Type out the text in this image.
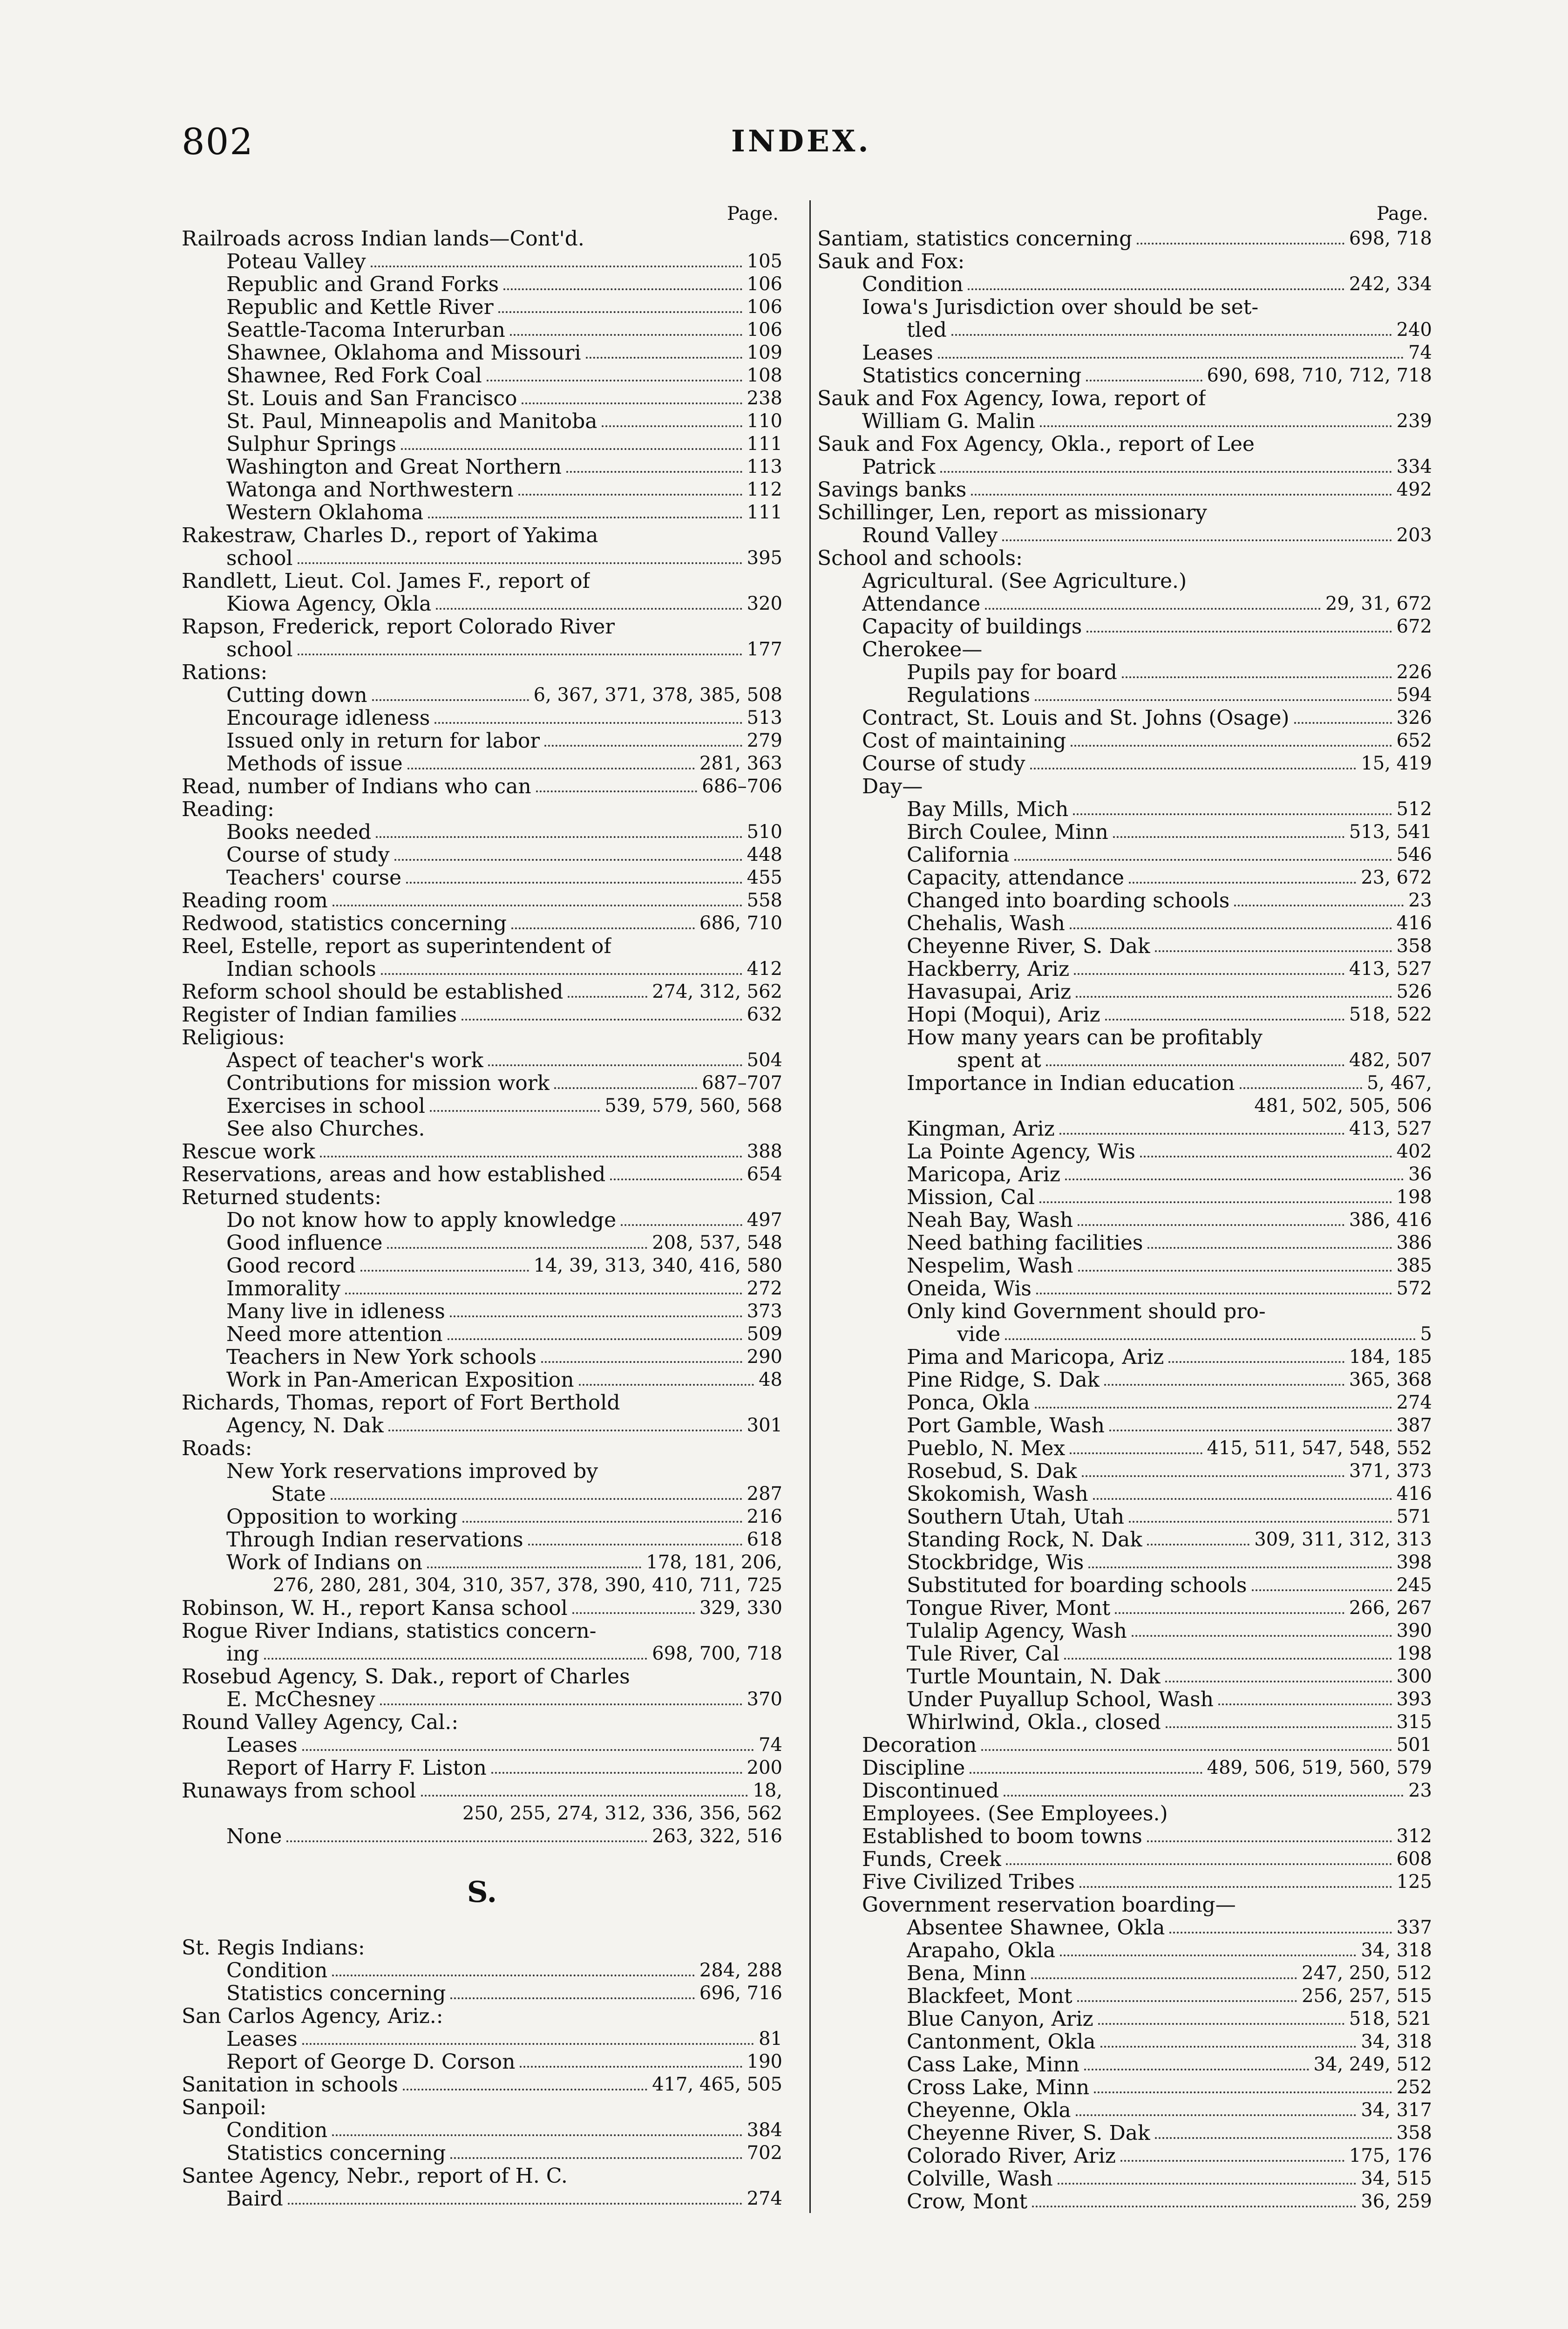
802	INDEX.
Page.
Railroads across Indian lands—Cont'd.
Poteau Valley	105
Republic and Grand Forks	106
Republic and Kettle River	106
Seattle-Tacoma Interurban	106
Shawnee, Oklahoma and Missouri	109
Shawnee, Red Fork Coal	108
St. Louis and San Francisco	238
St. Paul, Minneapolis and Manitoba	110
Sulphur Springs	111
Washington and Great Northern	113
Watonga and Northwestern	112
Western Oklahoma	111
Rakestraw, Charles D., report of Yakima
school	395
Randlett, Lieut. Col. James F., report of
Kiowa Agency, Okla	320
Rapson, Frederick, report Colorado River
school	177
Rations:
Cutting down	6, 367, 371, 378, 385, 508
Encourage idleness	513
Issued only in return for labor	279
Methods of issue	281, 363
Read, number of Indians who can	686–706
Reading:
Books needed	510
Course of study	448
Teachers' course	455
Reading room	558
Redwood, statistics concerning	686, 710
Reel, Estelle, report as superintendent of
Indian schools	412
Reform school should be established	274, 312, 562
Register of Indian families	632
Religious:
Aspect of teacher's work	504
Contributions for mission work	687–707
Exercises in school	539, 579, 560, 568
See also Churches.
Rescue work	388
Reservations, areas and how established	654
Returned students:
Do not know how to apply knowledge	497
Good influence	208, 537, 548
Good record	14, 39, 313, 340, 416, 580
Immorality	272
Many live in idleness	373
Need more attention	509
Teachers in New York schools	290
Work in Pan-American Exposition	48
Richards, Thomas, report of Fort Berthold
Agency, N. Dak	301
Roads:
New York reservations improved by
State	287
Opposition to working	216
Through Indian reservations	618
Work of Indians on	178, 181, 206,
276, 280, 281, 304, 310, 357, 378, 390, 410, 711, 725
Robinson, W. H., report Kansa school	329, 330
Rogue River Indians, statistics concern-
ing	698, 700, 718
Rosebud Agency, S. Dak., report of Charles
E. McChesney	370
Round Valley Agency, Cal.:
Leases	74
Report of Harry F. Liston	200
Runaways from school	18,
250, 255, 274, 312, 336, 356, 562
None	263, 322, 516
S.
St. Regis Indians:
Condition	284, 288
Statistics concerning	696, 716
San Carlos Agency, Ariz.:
Leases	81
Report of George D. Corson	190
Sanitation in schools	417, 465, 505
Sanpoil:
Condition	384
Statistics concerning	702
Santee Agency, Nebr., report of H. C.
Baird	274
Page.
Santiam, statistics concerning	698, 718
Sauk and Fox:
Condition	242, 334
Iowa's Jurisdiction over should be set-
tled	240
Leases	74
Statistics concerning	690, 698, 710, 712, 718
Sauk and Fox Agency, Iowa, report of
William G. Malin	239
Sauk and Fox Agency, Okla., report of Lee
Patrick	334
Savings banks	492
Schillinger, Len, report as missionary
Round Valley	203
School and schools:
Agricultural. (See Agriculture.)
Attendance	29, 31, 672
Capacity of buildings	672
Cherokee—
Pupils pay for board	226
Regulations	594
Contract, St. Louis and St. Johns (Osage)	326
Cost of maintaining	652
Course of study	15, 419
Day—
Bay Mills, Mich	512
Birch Coulee, Minn	513, 541
California	546
Capacity, attendance	23, 672
Changed into boarding schools	23
Chehalis, Wash	416
Cheyenne River, S. Dak	358
Hackberry, Ariz	413, 527
Havasupai, Ariz	526
Hopi (Moqui), Ariz	518, 522
How many years can be profitably
spent at	482, 507
Importance in Indian education	5, 467,
481, 502, 505, 506
Kingman, Ariz	413, 527
La Pointe Agency, Wis	402
Maricopa, Ariz	36
Mission, Cal	198
Neah Bay, Wash	386, 416
Need bathing facilities	386
Nespelim, Wash	385
Oneida, Wis	572
Only kind Government should pro-
vide	5
Pima and Maricopa, Ariz	184, 185
Pine Ridge, S. Dak	365, 368
Ponca, Okla	274
Port Gamble, Wash	387
Pueblo, N. Mex	415, 511, 547, 548, 552
Rosebud, S. Dak	371, 373
Skokomish, Wash	416
Southern Utah, Utah	571
Standing Rock, N. Dak	309, 311, 312, 313
Stockbridge, Wis	398
Substituted for boarding schools	245
Tongue River, Mont	266, 267
Tulalip Agency, Wash	390
Tule River, Cal	198
Turtle Mountain, N. Dak	300
Under Puyallup School, Wash	393
Whirlwind, Okla., closed	315
Decoration	501
Discipline	489, 506, 519, 560, 579
Discontinued	23
Employees. (See Employees.)
Established to boom towns	312
Funds, Creek	608
Five Civilized Tribes	125
Government reservation boarding—
Absentee Shawnee, Okla	337
Arapaho, Okla	34, 318
Bena, Minn	247, 250, 512
Blackfeet, Mont	256, 257, 515
Blue Canyon, Ariz	518, 521
Cantonment, Okla	34, 318
Cass Lake, Minn	34, 249, 512
Cross Lake, Minn	252
Cheyenne, Okla	34, 317
Cheyenne River, S. Dak	358
Colorado River, Ariz	175, 176
Colville, Wash	34, 515
Crow, Mont	36, 259
